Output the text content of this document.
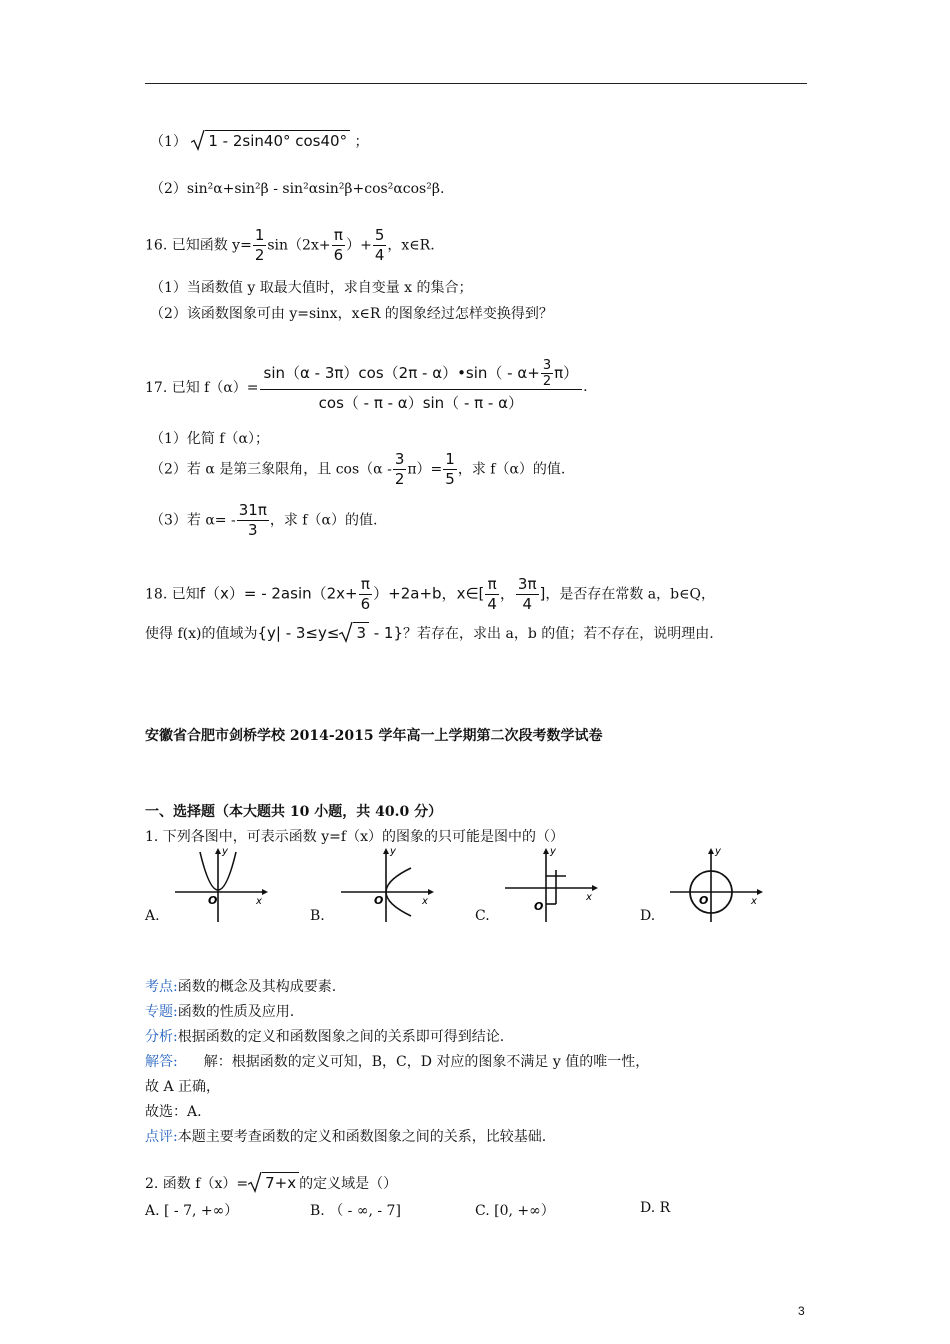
（1） 1 - 2sin40° cos40° ；
（2）sin²α+sin²β - sin²αsin²β+cos²αcos²β.
16. 已知函数 $y= \frac{1}{2} \sin(2x+ \frac{\pi}{6}$ ）+ $\frac{5}{4}$ ，x∈R.
（1）当函数值 y 取最大值时，求自变量 x 的集合；
（2）该函数图象可由 y=sinx，x∈R 的图象经过怎样变换得到？
17. 已知 $f(\alpha)= \frac{\sin(\alpha - 3\pi)\cos(2\pi - \alpha)•\sin( - \alpha+ \frac{3}{2} \pi)}{\cos( - \pi - \alpha)\sin( - \pi - \alpha)}$ .
（1）化简 f（α）；
（2）若 α 是第三象限角，且 $\cos(\alpha - \frac{3}{2} \pi)= \frac{1}{5}$ ，求 f（α）的值.
（3）若 $\alpha= - \frac{31\pi}{3}$ ，求 f（α）的值.
18. 已知$f(x)= - 2asin(2x+ \frac{\pi}{6} )+2a+b$，x∈[ $\frac{\pi}{4}$ ， $\frac{3\pi}{4}$ ]，是否存在常数 a，b∈Q，
使得 f(x)的值域为{y| - 3≤y≤ 3 - 1}？若存在，求出 a，b 的值；若不存在，说明理由.
安徽省合肥市剑桥学校 2014-2015 学年高一上学期第二次段考数学试卷
一、选择题（本大题共 10 小题，共 40.0 分）
1. 下列各图中，可表示函数 y=f（x）的图象的只可能是图中的（）
y
x
O
y
x
O
y
x
O
y
x
O
A.	B.	C.	D.
考点:函数的概念及其构成要素.
专题:函数的性质及应用.
分析:根据函数的定义和函数图象之间的关系即可得到结论.
解答: 解：根据函数的定义可知，B，C，D 对应的图象不满足 y 值的唯一性，
故 A 正确，
故选：A.
点评:本题主要考查函数的定义和函数图象之间的关系，比较基础.
2. 函数 f（x）= 7+x 的定义域是（）
A. [ - 7, +∞）	B. （ - ∞, - 7]	C. [0, +∞）	D. R
3
